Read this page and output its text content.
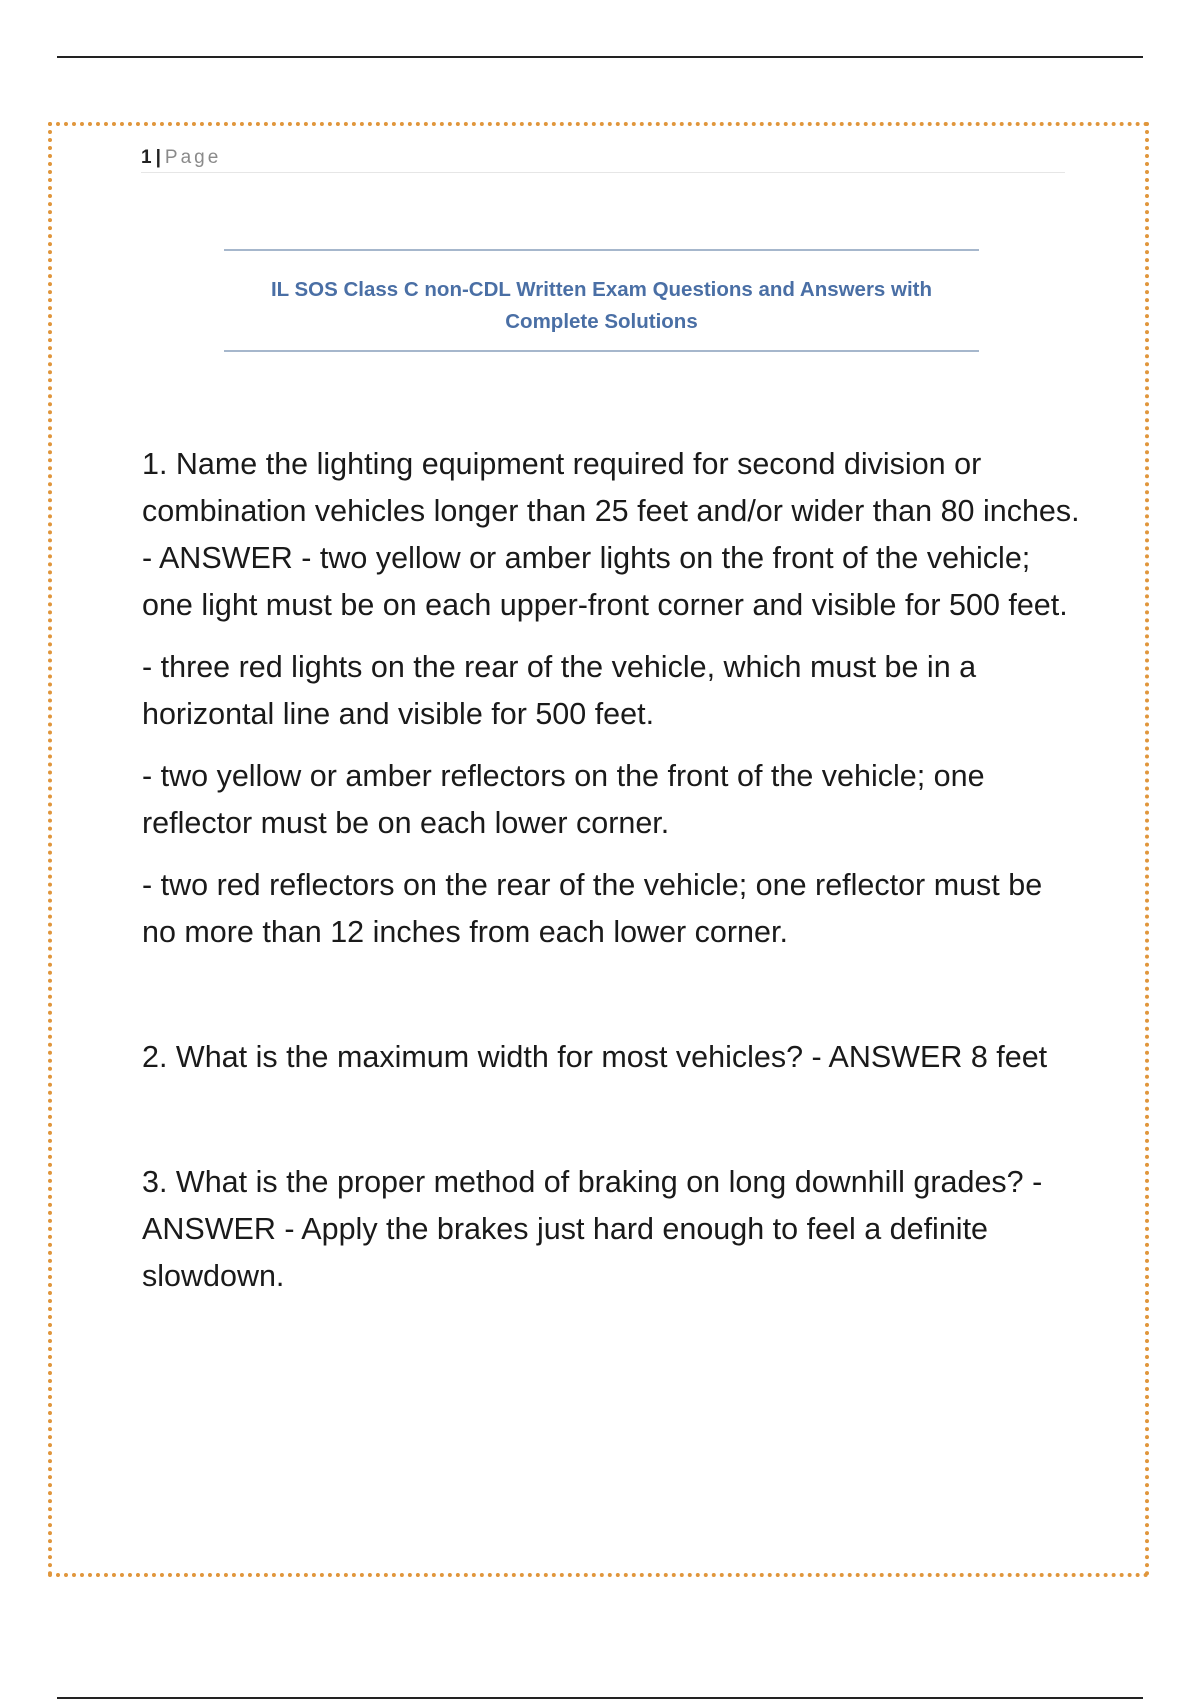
1 | Page
IL SOS Class C non-CDL Written Exam Questions and Answers with
Complete Solutions

1. Name the lighting equipment required for second division or combination vehicles longer than 25 feet and/or wider than 80 inches. - ANSWER - two yellow or amber lights on the front of the vehicle; one light must be on each upper-front corner and visible for 500 feet.

- three red lights on the rear of the vehicle, which must be in a horizontal line and visible for 500 feet.

- two yellow or amber reflectors on the front of the vehicle; one reflector must be on each lower corner.

- two red reflectors on the rear of the vehicle; one reflector must be no more than 12 inches from each lower corner.

2. What is the maximum width for most vehicles? - ANSWER 8 feet

3. What is the proper method of braking on long downhill grades? - ANSWER - Apply the brakes just hard enough to feel a definite slowdown.
